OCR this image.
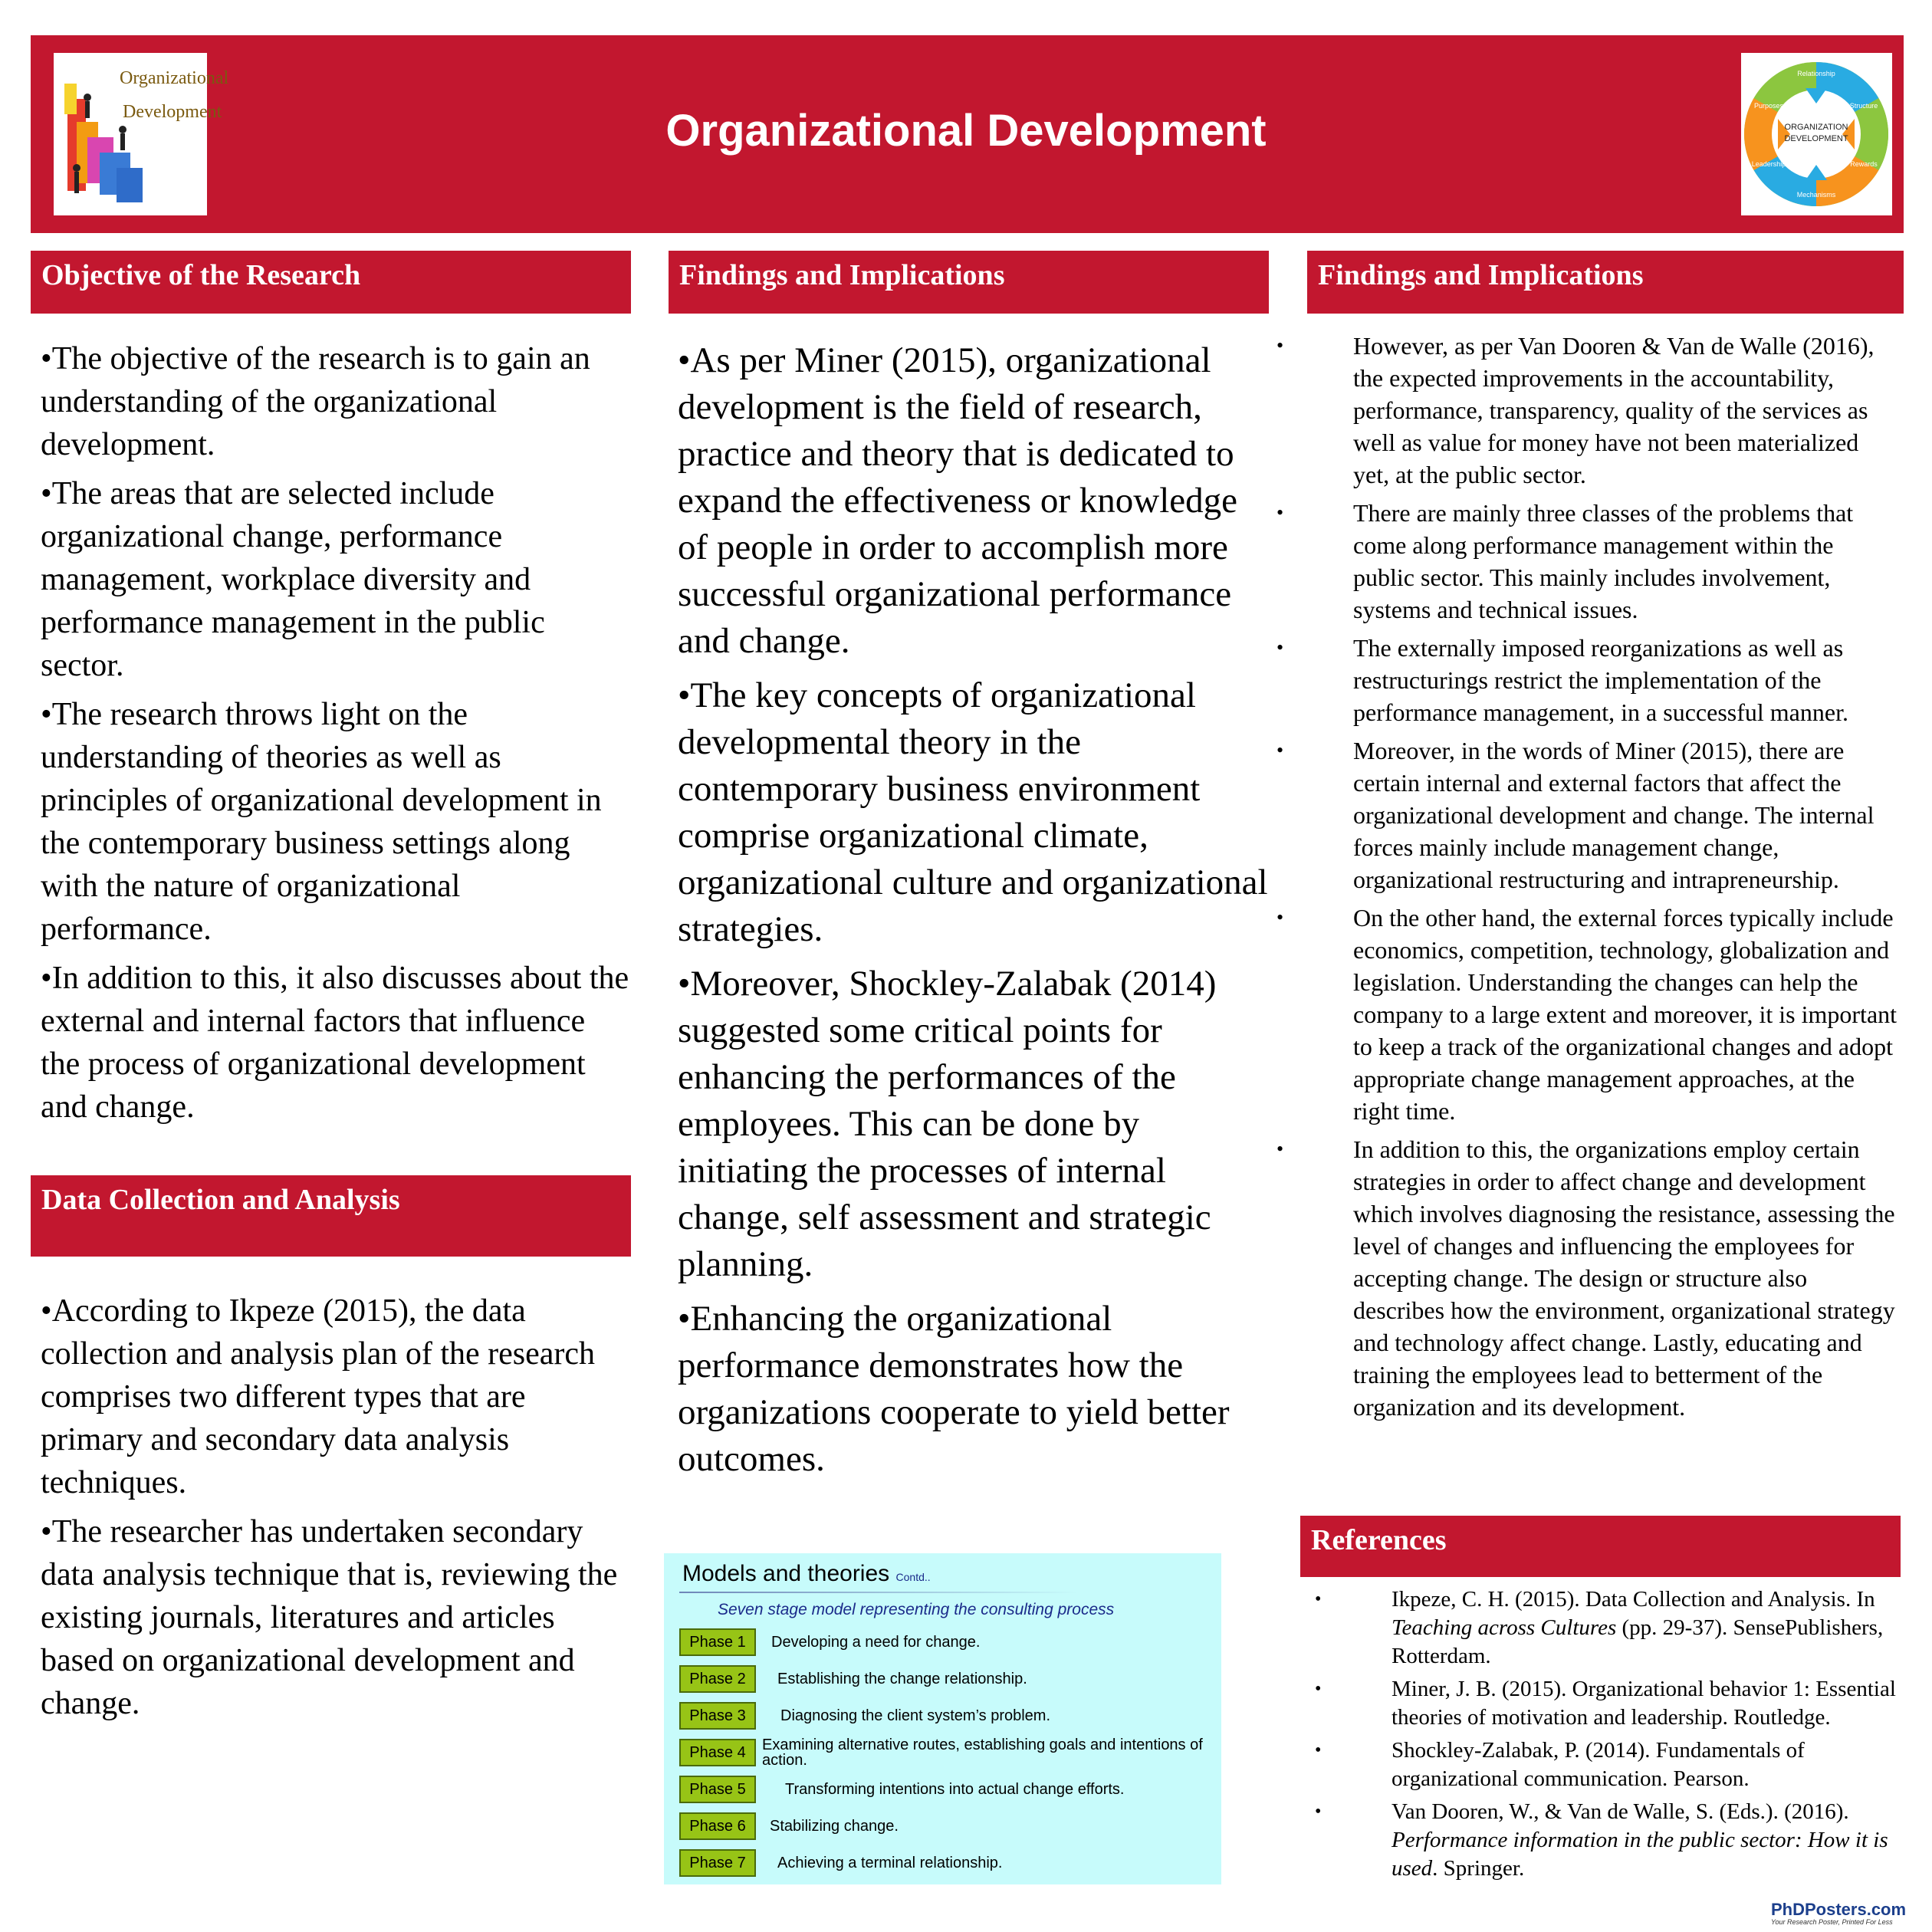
Organizational
Development	Organizational Development	ORGANIZATION
DEVELOPMENT
Relationship
Structure
Rewards
Mechanisms
Leadership
Purposes
Objective of the Research
• The objective of the research is to gain an understanding of the organizational development.
• The areas that are selected include organizational change, performance management, workplace diversity and performance management in the public sector.
• The research throws light on the understanding of theories as well as principles of organizational development in the contemporary business settings along with the nature of organizational performance.
• In addition to this, it also discusses about the external and internal factors that influence the process of organizational development and change.
Data Collection and Analysis
• According to Ikpeze (2015), the data collection and analysis plan of the research comprises two different types that are primary and secondary data analysis techniques.
• The researcher has undertaken secondary data analysis technique that is, reviewing the existing journals, literatures and articles based on organizational development and change.
Findings and Implications
• As per Miner (2015), organizational development is the field of research, practice and theory that is dedicated to expand the effectiveness or knowledge of people in order to accomplish more successful organizational performance and change.
• The key concepts of organizational developmental theory in the contemporary business environment comprise organizational climate, organizational culture and organizational strategies.
• Moreover, Shockley-Zalabak (2014) suggested some critical points for enhancing the performances of the employees. This can be done by initiating the processes of internal change, self assessment and strategic planning.
• Enhancing the organizational performance demonstrates how the organizations cooperate to yield better outcomes.
Models and theories Contd..
Seven stage model representing the consulting process
Phase 1	Developing a need for change.
Phase 2	Establishing the change relationship.
Phase 3	Diagnosing the client system’s problem.
Phase 4	Examining alternative routes, establishing goals and intentions of action.
Phase 5	Transforming intentions into actual change efforts.
Phase 6	Stabilizing change.
Phase 7	Achieving a terminal relationship.
Findings and Implications
• However, as per Van Dooren & Van de Walle (2016), the expected improvements in the accountability, performance, transparency, quality of the services as well as value for money have not been materialized yet, at the public sector.
• There are mainly three classes of the problems that come along performance management within the public sector. This mainly includes involvement, systems and technical issues.
• The externally imposed reorganizations as well as restructurings restrict the implementation of the performance management, in a successful manner.
• Moreover, in the words of Miner (2015), there are certain internal and external factors that affect the organizational development and change. The internal forces mainly include management change, organizational restructuring and intrapreneurship.
• On the other hand, the external forces typically include economics, competition, technology, globalization and legislation. Understanding the changes can help the company to a large extent and moreover, it is important to keep a track of the organizational changes and adopt appropriate change management approaches, at the right time.
• In addition to this, the organizations employ certain strategies in order to affect change and development which involves diagnosing the resistance, assessing the level of changes and influencing the employees for accepting change. The design or structure also describes how the environment, organizational strategy and technology affect change. Lastly, educating and training the employees lead to betterment of the organization and its development.
References
• Ikpeze, C. H. (2015). Data Collection and Analysis. In Teaching across Cultures (pp. 29-37). SensePublishers, Rotterdam.
• Miner, J. B. (2015). Organizational behavior 1: Essential theories of motivation and leadership. Routledge.
• Shockley-Zalabak, P. (2014). Fundamentals of organizational communication. Pearson.
• Van Dooren, W., & Van de Walle, S. (Eds.). (2016). Performance information in the public sector: How it is used. Springer.
PhDPosters.com
Your Research Poster, Printed For Less
